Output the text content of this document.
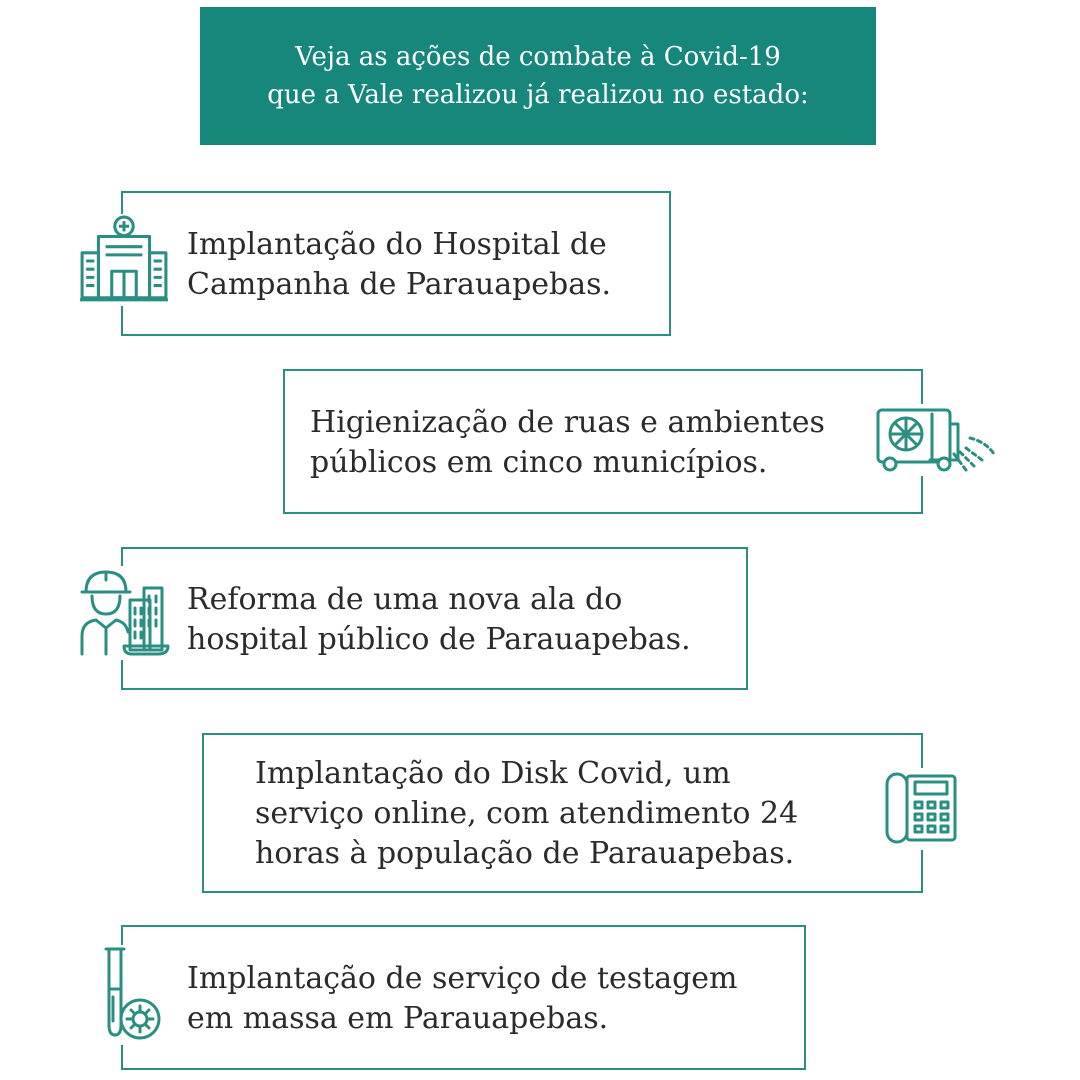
Veja as ações de combate à Covid-19
que a Vale realizou já realizou no estado:
Implantação do Hospital de
Campanha de Parauapebas.
Higienização de ruas e ambientes
públicos em cinco municípios.
Reforma de uma nova ala do
hospital público de Parauapebas.
Implantação do Disk Covid, um
serviço online, com atendimento 24
horas à população de Parauapebas.
Implantação de serviço de testagem
em massa em Parauapebas.
